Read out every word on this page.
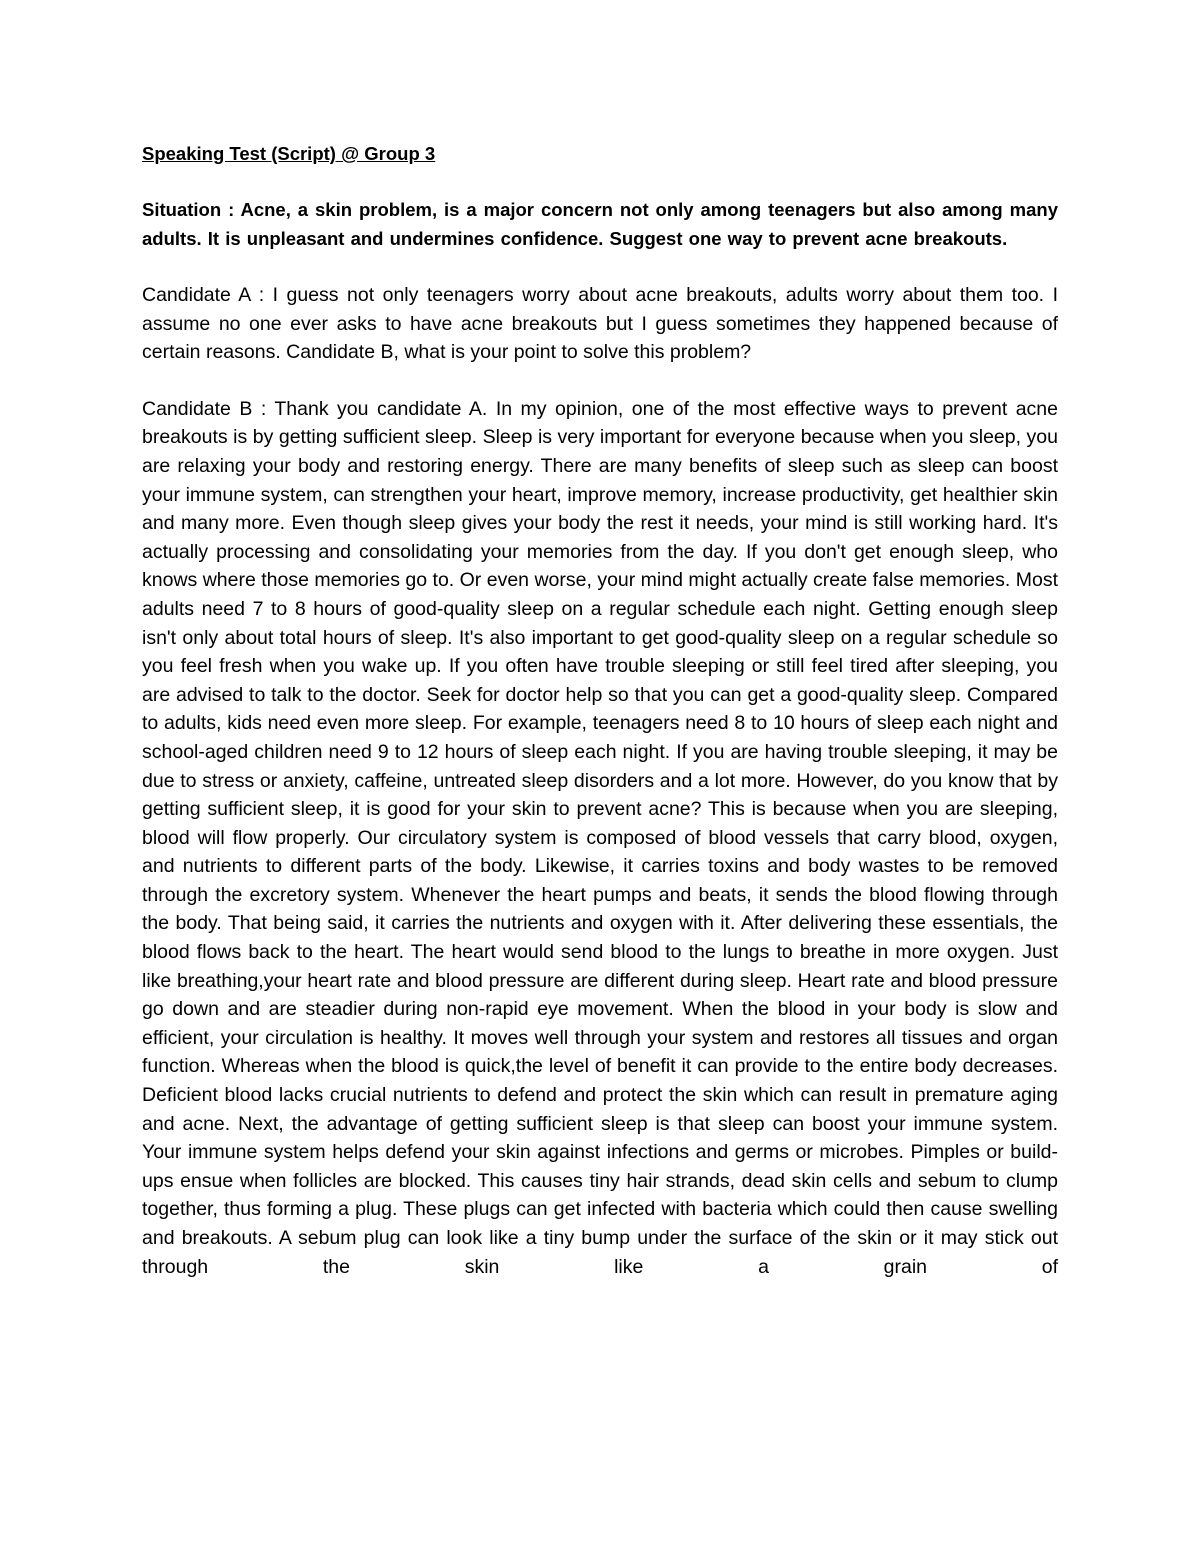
Speaking Test (Script) @ Group 3

Situation : Acne, a skin problem, is a major concern not only among teenagers but also among many adults. It is unpleasant and undermines confidence. Suggest one way to prevent acne breakouts.

Candidate A : I guess not only teenagers worry about acne breakouts, adults worry about them too. I assume no one ever asks to have acne breakouts but I guess sometimes they happened because of certain reasons. Candidate B, what is your point to solve this problem?

Candidate B : Thank you candidate A. In my opinion, one of the most effective ways to prevent acne breakouts is by getting sufficient sleep. Sleep is very important for everyone because when you sleep, you are relaxing your body and restoring energy. There are many benefits of sleep such as sleep can boost your immune system, can strengthen your heart, improve memory, increase productivity, get healthier skin and many more. Even though sleep gives your body the rest it needs, your mind is still working hard. It's actually processing and consolidating your memories from the day. If you don't get enough sleep, who knows where those memories go to. Or even worse, your mind might actually create false memories. Most adults need 7 to 8 hours of good-quality sleep on a regular schedule each night. Getting enough sleep isn't only about total hours of sleep. It's also important to get good-quality sleep on a regular schedule so you feel fresh when you wake up. If you often have trouble sleeping or still feel tired after sleeping, you are advised to talk to the doctor. Seek for doctor help so that you can get a good-quality sleep. Compared to adults, kids need even more sleep. For example, teenagers need 8 to 10 hours of sleep each night and school-aged children need 9 to 12 hours of sleep each night. If you are having trouble sleeping, it may be due to stress or anxiety, caffeine, untreated sleep disorders and a lot more. However, do you know that by getting sufficient sleep, it is good for your skin to prevent acne? This is because when you are sleeping, blood will flow properly. Our circulatory system is composed of blood vessels that carry blood, oxygen, and nutrients to different parts of the body. Likewise, it carries toxins and body wastes to be removed through the excretory system. Whenever the heart pumps and beats, it sends the blood flowing through the body. That being said, it carries the nutrients and oxygen with it. After delivering these essentials, the blood flows back to the heart. The heart would send blood to the lungs to breathe in more oxygen. Just like breathing,your heart rate and blood pressure are different during sleep. Heart rate and blood pressure go down and are steadier during non-rapid eye movement. When the blood in your body is slow and efficient, your circulation is healthy. It moves well through your system and restores all tissues and organ function. Whereas when the blood is quick,the level of benefit it can provide to the entire body decreases. Deficient blood lacks crucial nutrients to defend and protect the skin which can result in premature aging and acne. Next, the advantage of getting sufficient sleep is that sleep can boost your immune system. Your immune system helps defend your skin against infections and germs or microbes. Pimples or build-ups ensue when follicles are blocked. This causes tiny hair strands, dead skin cells and sebum to clump together, thus forming a plug. These plugs can get infected with bacteria which could then cause swelling and breakouts. A sebum plug can look like a tiny bump under the surface of the skin or it may stick out through the skin like a grain of
